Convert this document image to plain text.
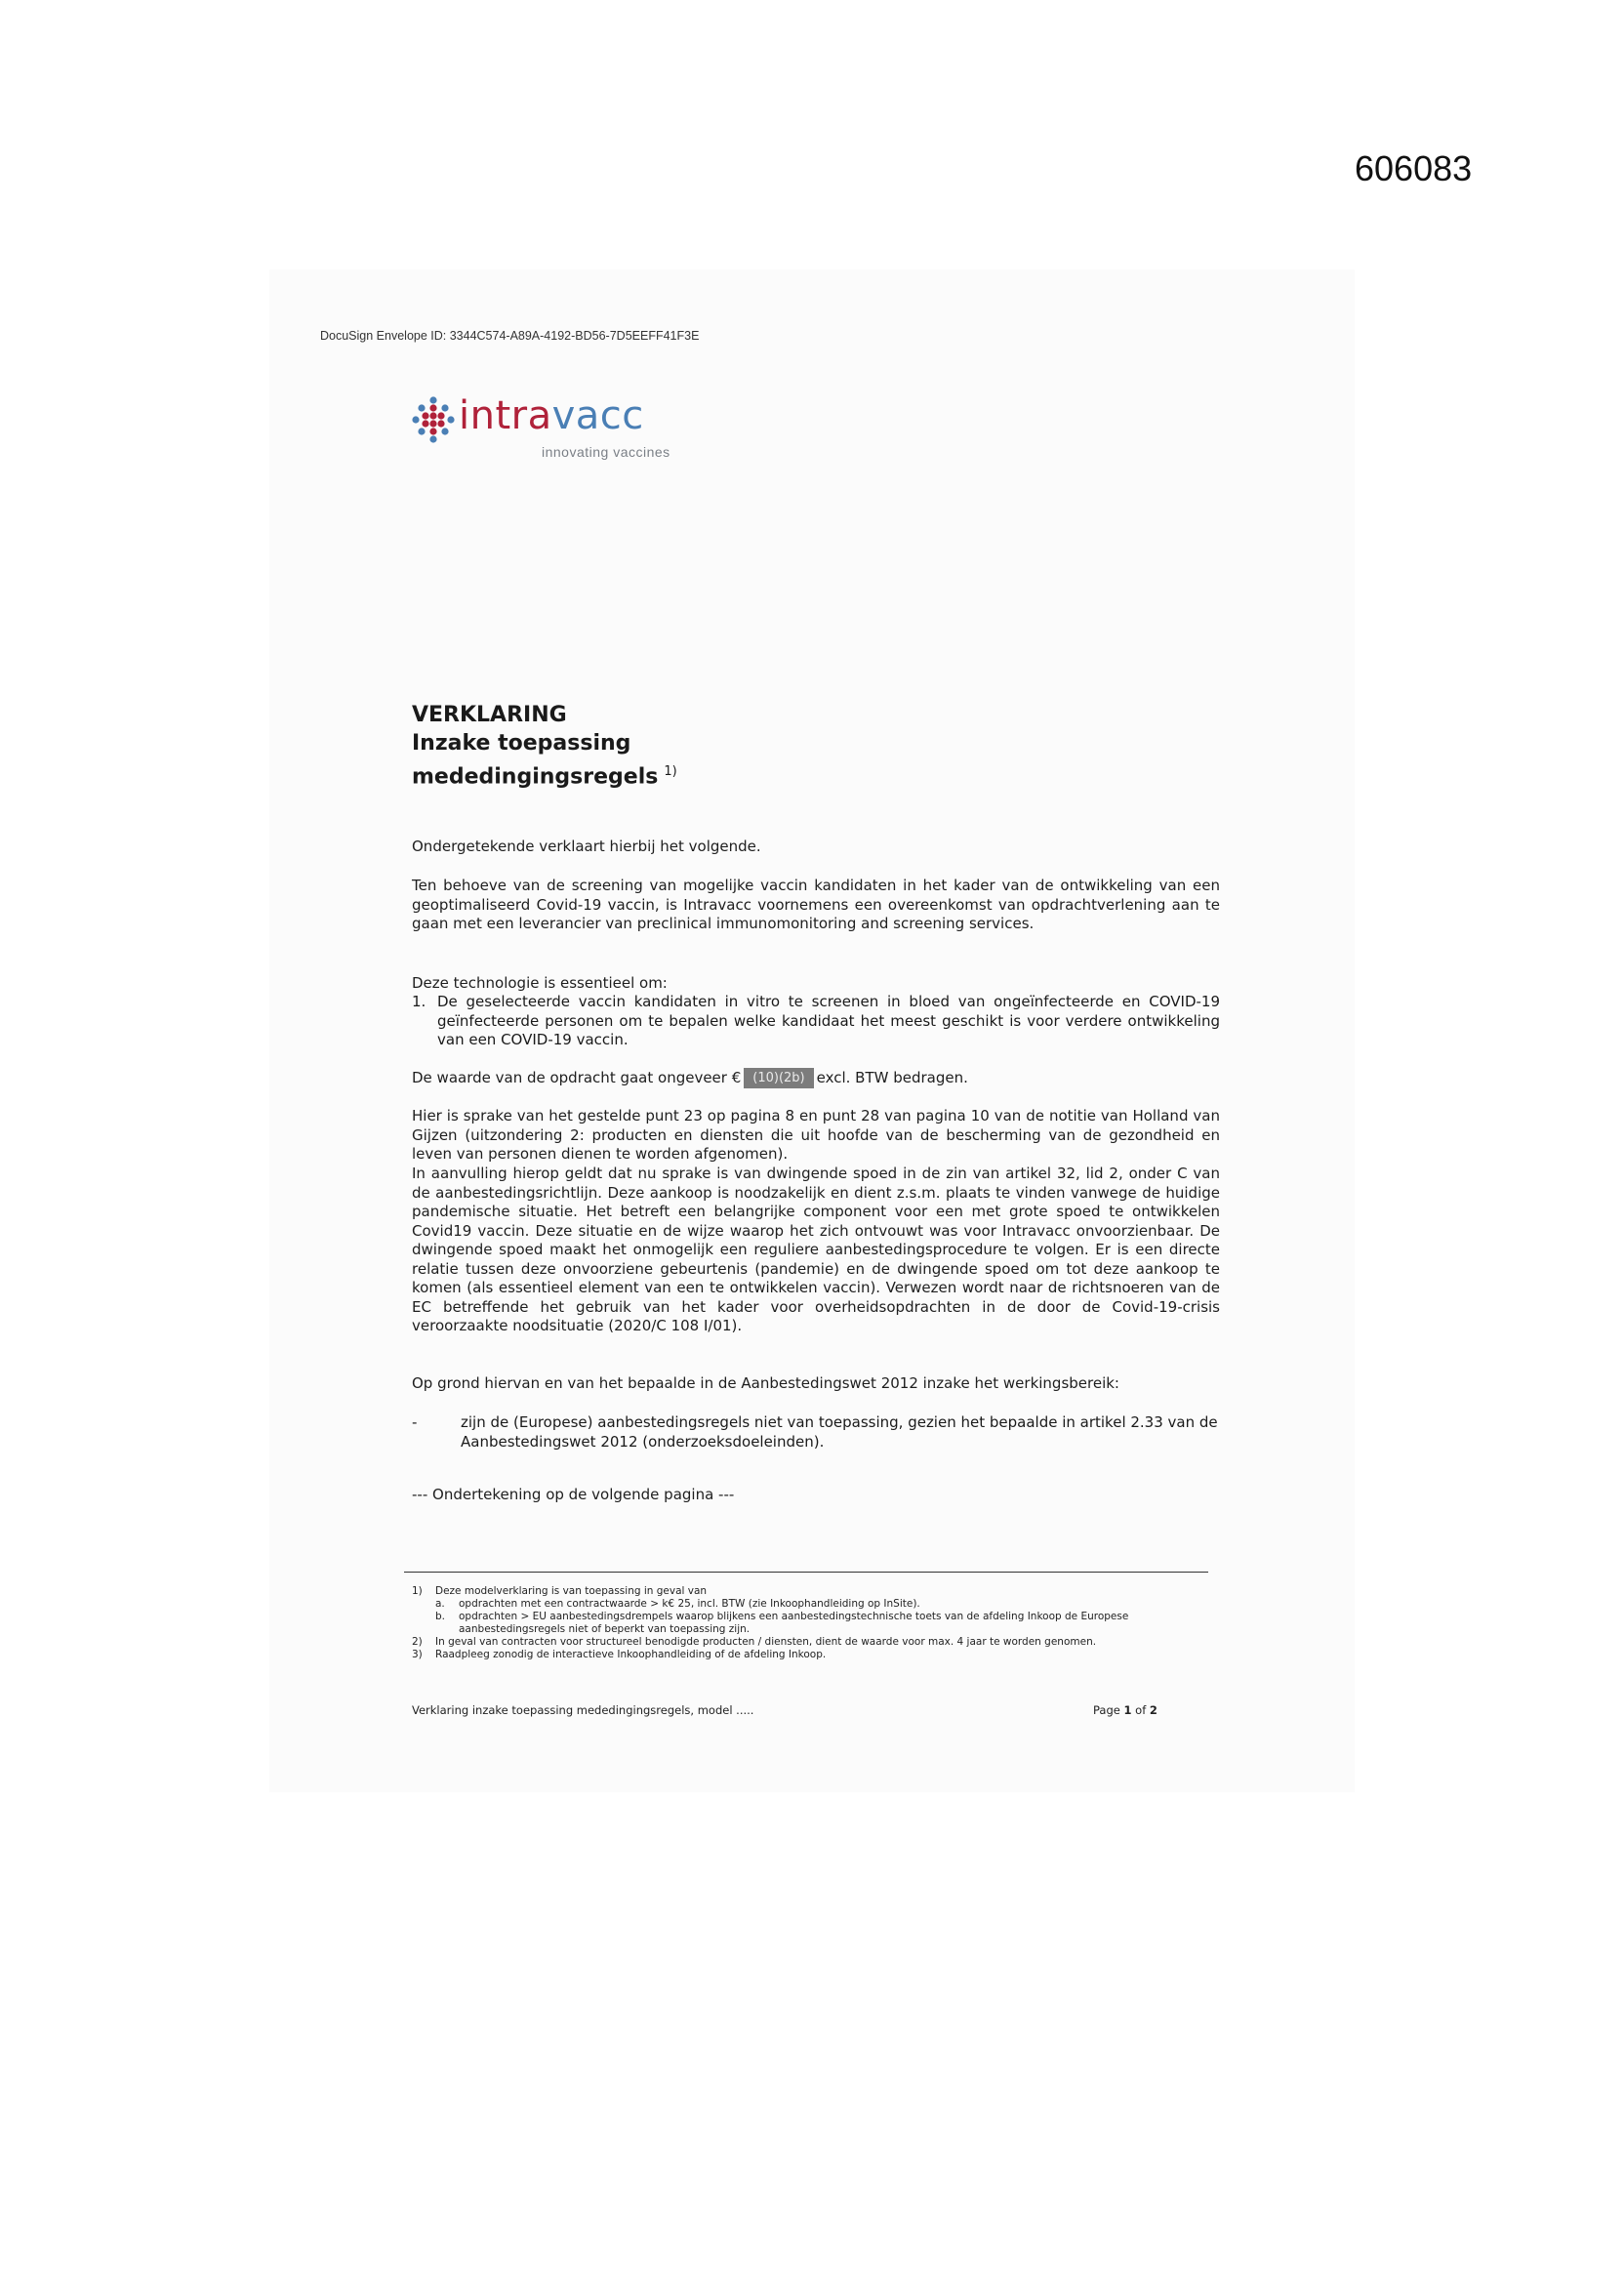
606083
DocuSign Envelope ID: 3344C574-A89A-4192-BD56-7D5EEFF41F3E
intravacc
innovating vaccines

VERKLARING

Inzake toepassing

mededingingsregels $^{1)}$

Ondergetekende verklaart hierbij het volgende.

Ten behoeve van de screening van mogelijke vaccin kandidaten in het kader van de ontwikkeling van een geoptimaliseerd Covid-19 vaccin, is Intravacc voornemens een overeenkomst van opdrachtverlening aan te gaan met een leverancier van preclinical immunomonitoring and screening services.

Deze technologie is essentieel om:

1. De geselecteerde vaccin kandidaten in vitro te screenen in bloed van ongeïnfecteerde en COVID-19 geïnfecteerde personen om te bepalen welke kandidaat het meest geschikt is voor verdere ontwikkeling van een COVID-19 vaccin.

De waarde van de opdracht gaat ongeveer € (10)(2b) excl. BTW bedragen.

Hier is sprake van het gestelde punt 23 op pagina 8 en punt 28 van pagina 10 van de notitie van Holland van Gijzen (uitzondering 2: producten en diensten die uit hoofde van de bescherming van de gezondheid en leven van personen dienen te worden afgenomen).

In aanvulling hierop geldt dat nu sprake is van dwingende spoed in de zin van artikel 32, lid 2, onder C van de aanbestedingsrichtlijn. Deze aankoop is noodzakelijk en dient z.s.m. plaats te vinden vanwege de huidige pandemische situatie. Het betreft een belangrijke component voor een met grote spoed te ontwikkelen Covid19 vaccin. Deze situatie en de wijze waarop het zich ontvouwt was voor Intravacc onvoorzienbaar. De dwingende spoed maakt het onmogelijk een reguliere aanbestedingsprocedure te volgen. Er is een directe relatie tussen deze onvoorziene gebeurtenis (pandemie) en de dwingende spoed om tot deze aankoop te komen (als essentieel element van een te ontwikkelen vaccin). Verwezen wordt naar de richtsnoeren van de EC betreffende het gebruik van het kader voor overheidsopdrachten in de door de Covid-19-crisis veroorzaakte noodsituatie (2020/C 108 I/01).

Op grond hiervan en van het bepaalde in de Aanbestedingswet 2012 inzake het werkingsbereik:

-	zijn de (Europese) aanbestedingsregels niet van toepassing, gezien het bepaalde in artikel 2.33 van de Aanbestedingswet 2012 (onderzoeksdoeleinden).

--- Ondertekening op de volgende pagina ---

1) Deze modelverklaring is van toepassing in geval van
a. opdrachten met een contractwaarde > k€ 25, incl. BTW (zie Inkoophandleiding op InSite).
b. opdrachten > EU aanbestedingsdrempels waarop blijkens een aanbestedingstechnische toets van de afdeling Inkoop de Europese aanbestedingsregels niet of beperkt van toepassing zijn.
2) In geval van contracten voor structureel benodigde producten / diensten, dient de waarde voor max. 4 jaar te worden genomen.
3) Raadpleeg zonodig de interactieve Inkoophandleiding of de afdeling Inkoop.
Verklaring inzake toepassing mededingingsregels, model .....	Page 1 of 2
